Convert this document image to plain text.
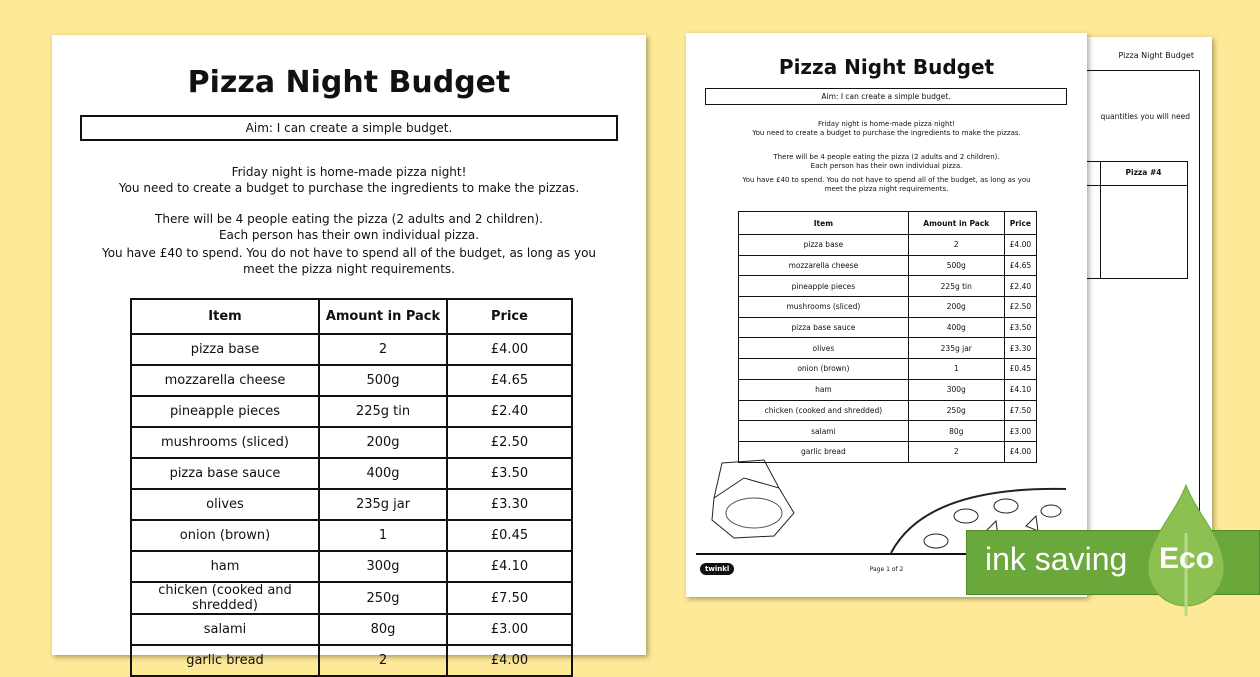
Pizza Night Budget
quantities you will need
Pizza #4
Pizza Night Budget
Aim: I can create a simple budget.
Friday night is home-made pizza night!
You need to create a budget to purchase the ingredients to make the pizzas.
There will be 4 people eating the pizza (2 adults and 2 children).
Each person has their own individual pizza.
You have £40 to spend. You do not have to spend all of the budget, as long as you
meet the pizza night requirements.
Item	Amount in Pack	Price
pizza base	2	£4.00
mozzarella cheese	500g	£4.65
pineapple pieces	225g tin	£2.40
mushrooms (sliced)	200g	£2.50
pizza base sauce	400g	£3.50
olives	235g jar	£3.30
onion (brown)	1	£0.45
ham	300g	£4.10
chicken (cooked and shredded)	250g	£7.50
salami	80g	£3.00
garlic bread	2	£4.00
twinkl	Page 1 of 2
Pizza Night Budget
Aim: I can create a simple budget.
Friday night is home-made pizza night!
You need to create a budget to purchase the ingredients to make the pizzas.
There will be 4 people eating the pizza (2 adults and 2 children).
Each person has their own individual pizza.
You have £40 to spend. You do not have to spend all of the budget, as long as you
meet the pizza night requirements.
Item	Amount in Pack	Price
pizza base	2	£4.00
mozzarella cheese	500g	£4.65
pineapple pieces	225g tin	£2.40
mushrooms (sliced)	200g	£2.50
pizza base sauce	400g	£3.50
olives	235g jar	£3.30
onion (brown)	1	£0.45
ham	300g	£4.10
chicken (cooked and shredded)	250g	£7.50
salami	80g	£3.00
garlic bread	2	£4.00
ink saving Eco
